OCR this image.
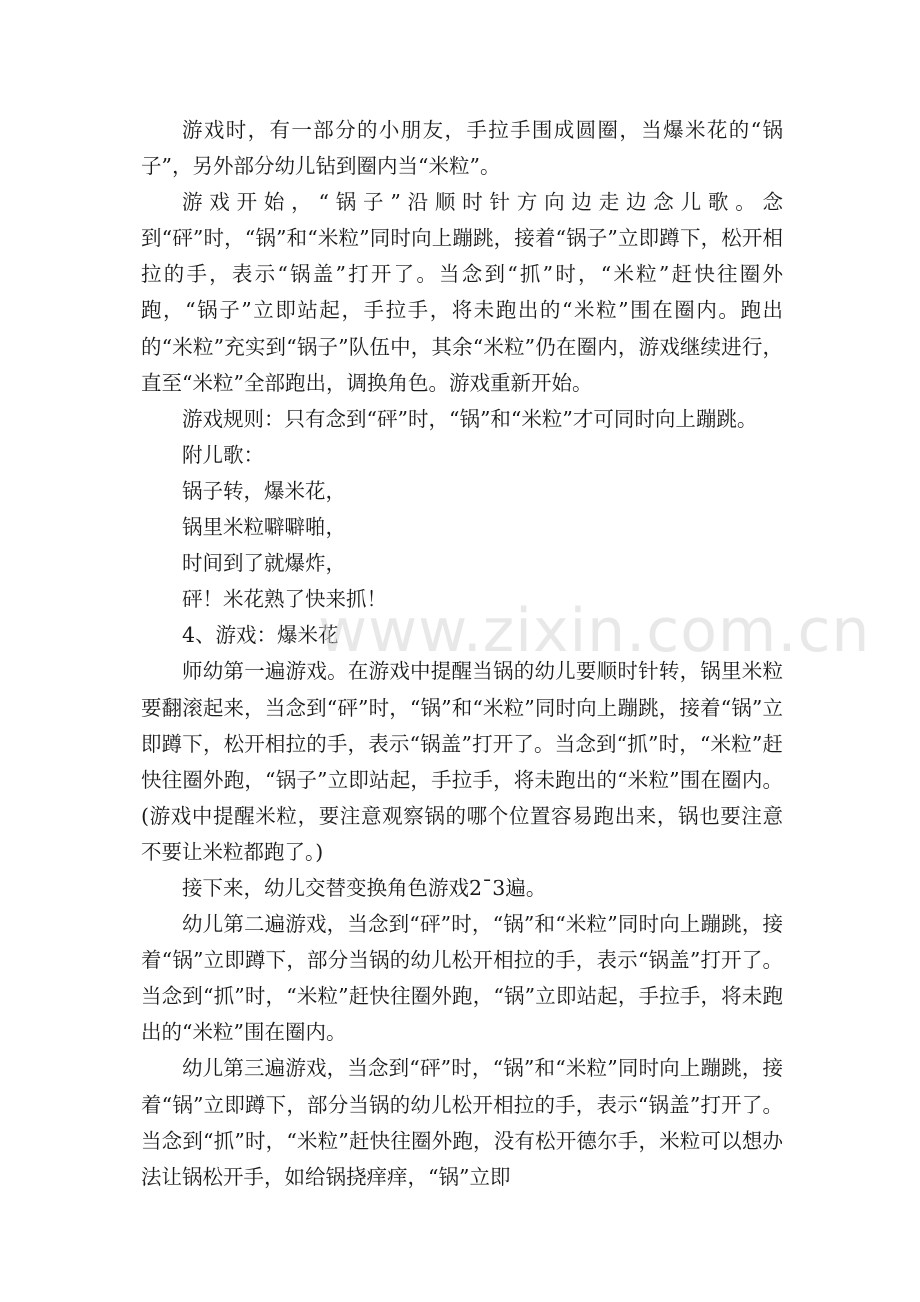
游戏时，有一部分的小朋友，手拉手围成圆圈，当爆米花的“锅子”，另外部分幼儿钻到圈内当“米粒”。

游戏开始，“锅子”沿顺时针方向边走边念儿歌。念到“砰”时，“锅”和“米粒”同时向上蹦跳，接着“锅子”立即蹲下，松开相拉的手，表示“锅盖”打开了。当念到“抓”时，“米粒”赶快往圈外跑，“锅子”立即站起，手拉手，将未跑出的“米粒”围在圈内。跑出的“米粒”充实到“锅子”队伍中，其余“米粒”仍在圈内，游戏继续进行，直至“米粒”全部跑出，调换角色。游戏重新开始。

游戏规则：只有念到“砰”时，“锅”和“米粒”才可同时向上蹦跳。

附儿歌：

锅子转，爆米花，

锅里米粒噼噼啪，

时间到了就爆炸，

砰！米花熟了快来抓！

4、游戏：爆米花

师幼第一遍游戏。在游戏中提醒当锅的幼儿要顺时针转，锅里米粒要翻滚起来，当念到“砰”时，“锅”和“米粒”同时向上蹦跳，接着“锅”立即蹲下，松开相拉的手，表示“锅盖”打开了。当念到“抓”时，“米粒”赶快往圈外跑，“锅子”立即站起，手拉手，将未跑出的“米粒”围在圈内。(游戏中提醒米粒，要注意观察锅的哪个位置容易跑出来，锅也要注意不要让米粒都跑了。)

接下来，幼儿交替变换角色游戏2¯3遍。

幼儿第二遍游戏，当念到“砰”时，“锅”和“米粒”同时向上蹦跳，接着“锅”立即蹲下，部分当锅的幼儿松开相拉的手，表示“锅盖”打开了。当念到“抓”时，“米粒”赶快往圈外跑，“锅”立即站起，手拉手，将未跑出的“米粒”围在圈内。

幼儿第三遍游戏，当念到“砰”时，“锅”和“米粒”同时向上蹦跳，接着“锅”立即蹲下，部分当锅的幼儿松开相拉的手，表示“锅盖”打开了。当念到“抓”时，“米粒”赶快往圈外跑，没有松开德尔手，米粒可以想办法让锅松开手，如给锅挠痒痒，“锅”立即

www.zixin.com.cn
